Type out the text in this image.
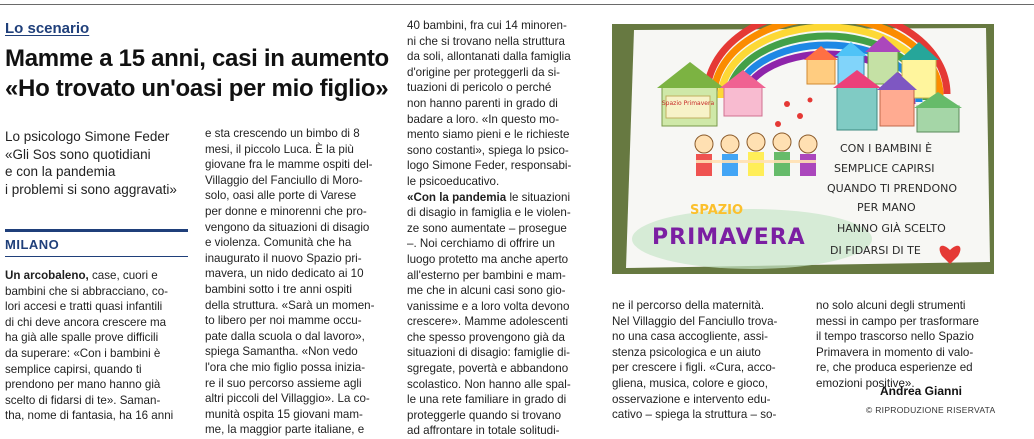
Lo scenario
Mamme a 15 anni, casi in aumento
«Ho trovato un'oasi per mio figlio»
Lo psicologo Simone Feder
«Gli Sos sono quotidiani
e con la pandemia
i problemi si sono aggravati»
MILANO
Un arcobaleno, case, cuori e
bambini che si abbracciano, co-
lori accesi e tratti quasi infantili
di chi deve ancora crescere ma
ha già alle spalle prove difficili
da superare: «Con i bambini è
semplice capirsi, quando ti
prendono per mano hanno già
scelto di fidarsi di te». Saman-
tha, nome di fantasia, ha 16 anni
e sta crescendo un bimbo di 8
mesi, il piccolo Luca. È la più
giovane fra le mamme ospiti del-
Villaggio del Fanciullo di Moro-
solo, oasi alle porte di Varese
per donne e minorenni che pro-
vengono da situazioni di disagio
e violenza. Comunità che ha
inaugurato il nuovo Spazio pri-
mavera, un nido dedicato ai 10
bambini sotto i tre anni ospiti
della struttura. «Sarà un momen-
to libero per noi mamme occu-
pate dalla scuola o dal lavoro»,
spiega Samantha. «Non vedo
l'ora che mio figlio possa inizia-
re il suo percorso assieme agli
altri piccoli del Villaggio». La co-
munità ospita 15 giovani mam-
me, la maggior parte italiane, e
40 bambini, fra cui 14 minoren-
ni che si trovano nella struttura
da soli, allontanati dalla famiglia
d'origine per proteggerli da si-
tuazioni di pericolo o perché
non hanno parenti in grado di
badare a loro. «In questo mo-
mento siamo pieni e le richieste
sono costanti», spiega lo psico-
logo Simone Feder, responsabi-
le psicoeducativo.
«Con la pandemia le situazioni
di disagio in famiglia e le violen-
ze sono aumentate – prosegue
–. Noi cerchiamo di offrire un
luogo protetto ma anche aperto
all'esterno per bambini e mam-
me che in alcuni casi sono gio-
vanissime e a loro volta devono
crescere». Mamme adolescenti
che spesso provengono già da
situazioni di disagio: famiglie di-
sgregate, povertà e abbandono
scolastico. Non hanno alle spal-
le una rete familiare in grado di
proteggerle quando si trovano
ad affrontare in totale solitudi-
ne il percorso della maternità.
Nel Villaggio del Fanciullo trova-
no una casa accogliente, assi-
stenza psicologica e un aiuto
per crescere i figli. «Cura, acco-
gliena, musica, colore e gioco,
osservazione e intervento edu-
cativo – spiega la struttura – so-
no solo alcuni degli strumenti
messi in campo per trasformare
il tempo trascorso nello Spazio
Primavera in momento di valo-
re, che produca esperienze ed
emozioni positive».
Spazio Primavera
SPAZIO
PRIMAVERA
CON I BAMBINI È
SEMPLICE CAPIRSI
QUANDO TI PRENDONO
PER MANO
HANNO GIÀ SCELTO
DI FIDARSI DI TE
Andrea Gianni
© RIPRODUZIONE RISERVATA
